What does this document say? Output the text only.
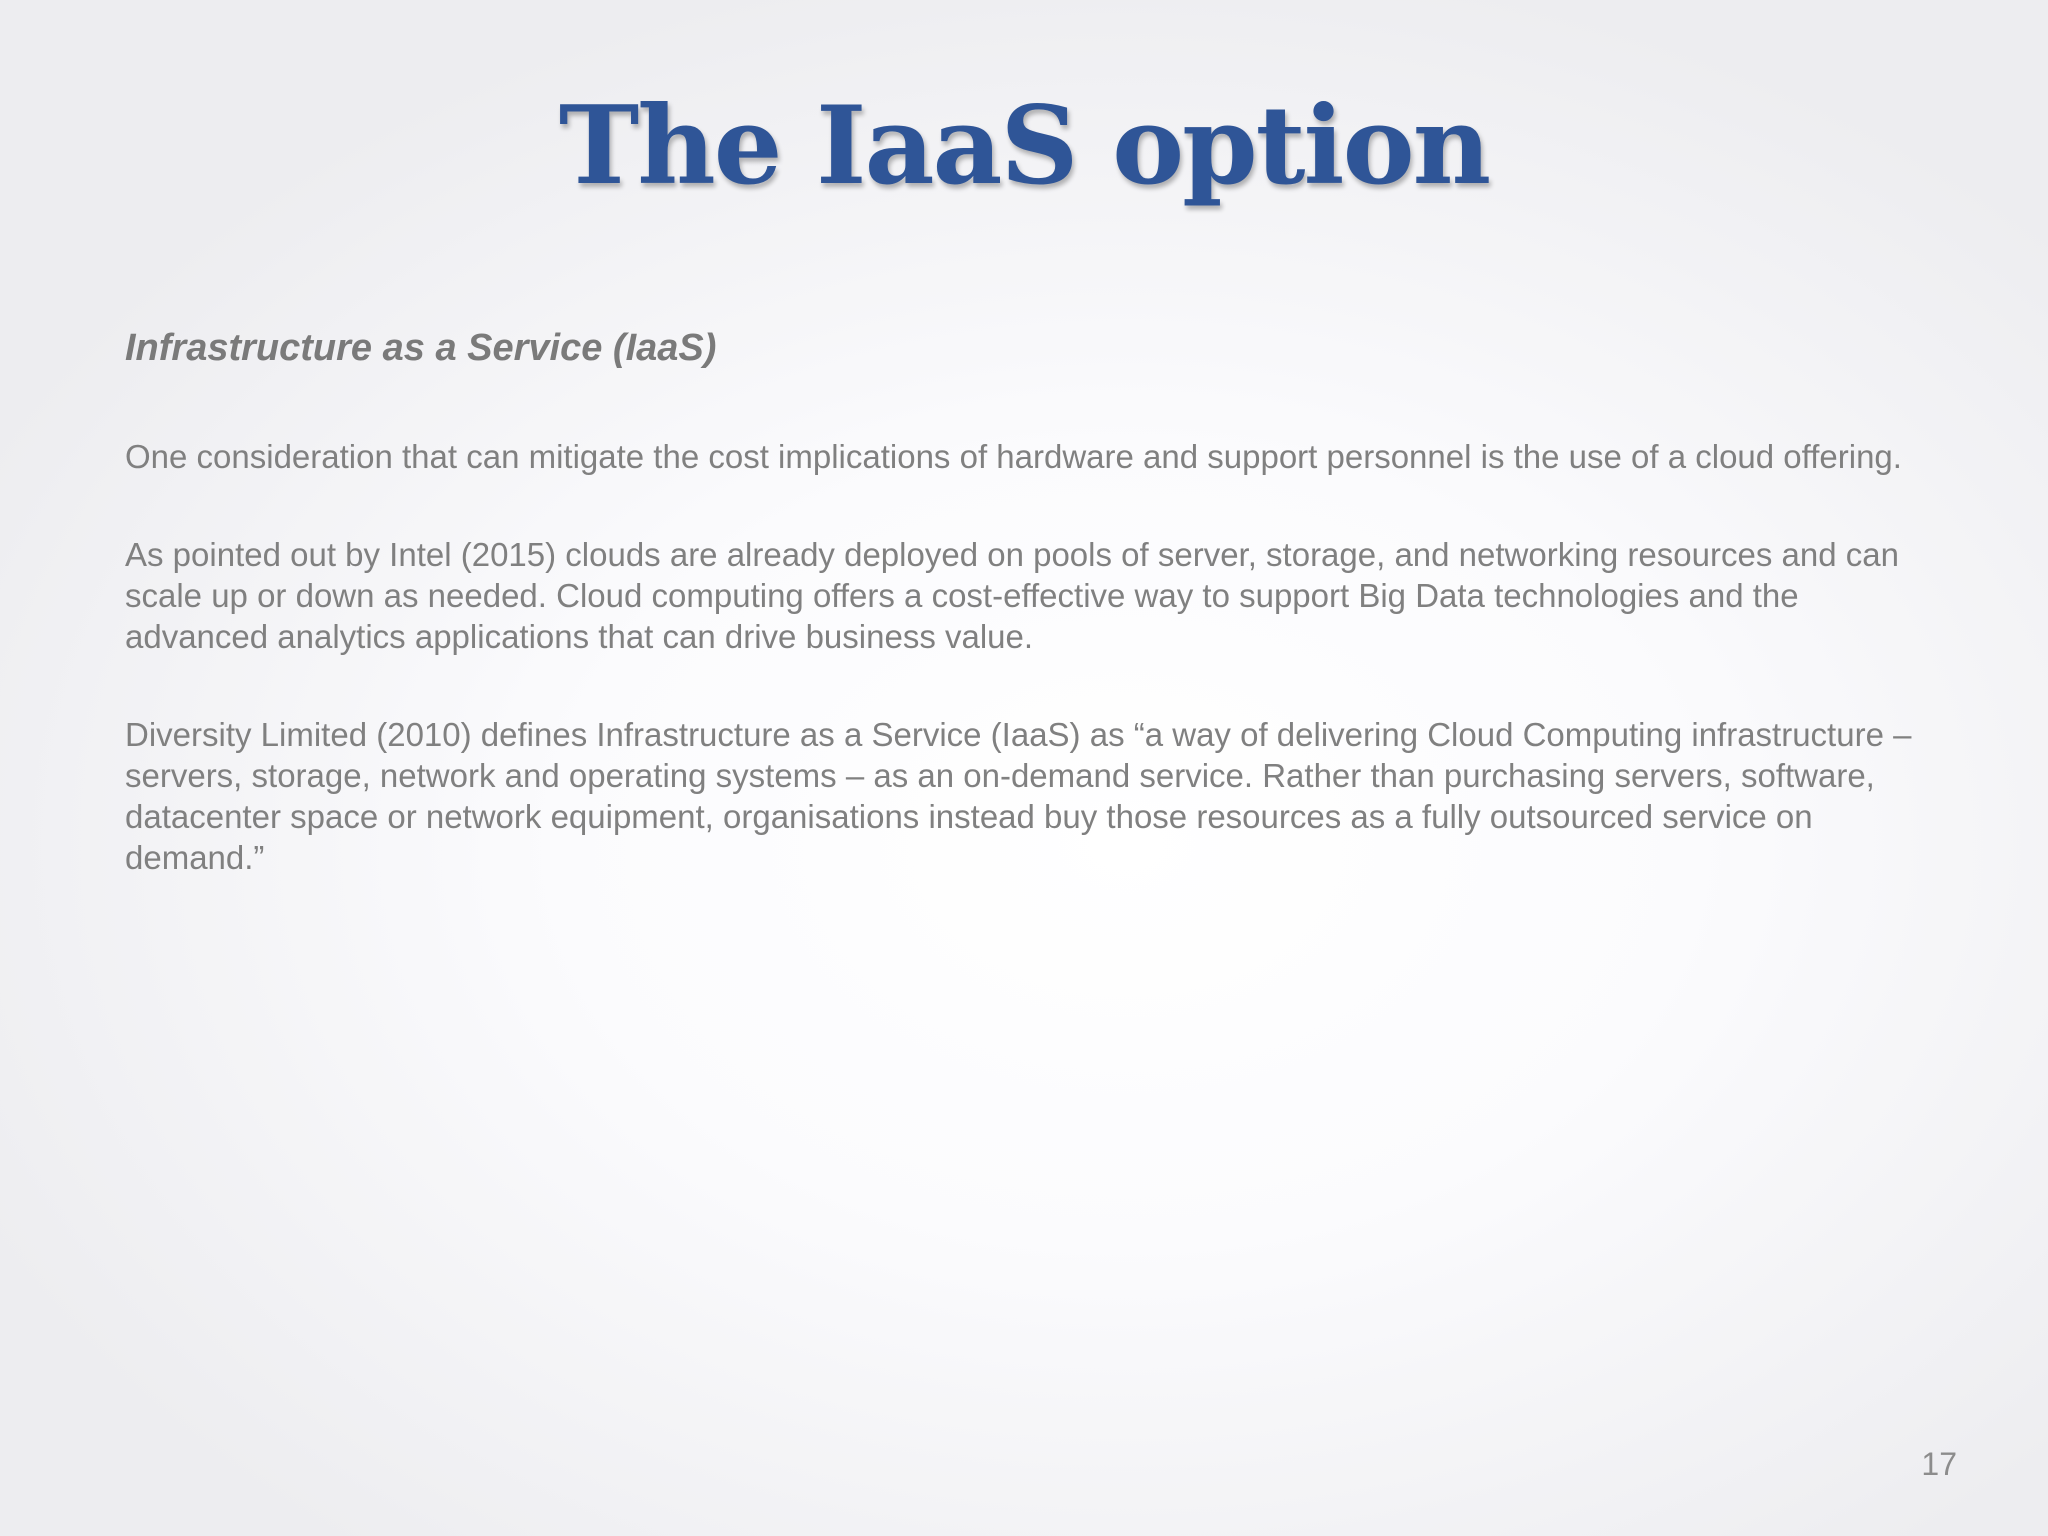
The IaaS option

Infrastructure as a Service (IaaS)

One consideration that can mitigate the cost implications of hardware and support personnel is the use of a cloud offering.

As pointed out by Intel (2015) clouds are already deployed on pools of server, storage, and networking resources and can scale up or down as needed. Cloud computing offers a cost-effective way to support Big Data technologies and the advanced analytics applications that can drive business value.

Diversity Limited (2010) defines Infrastructure as a Service (IaaS) as “a way of delivering Cloud Computing infrastructure – servers, storage, network and operating systems – as an on-demand service. Rather than purchasing servers, software, datacenter space or network equipment, organisations instead buy those resources as a fully outsourced service on demand.”

17
